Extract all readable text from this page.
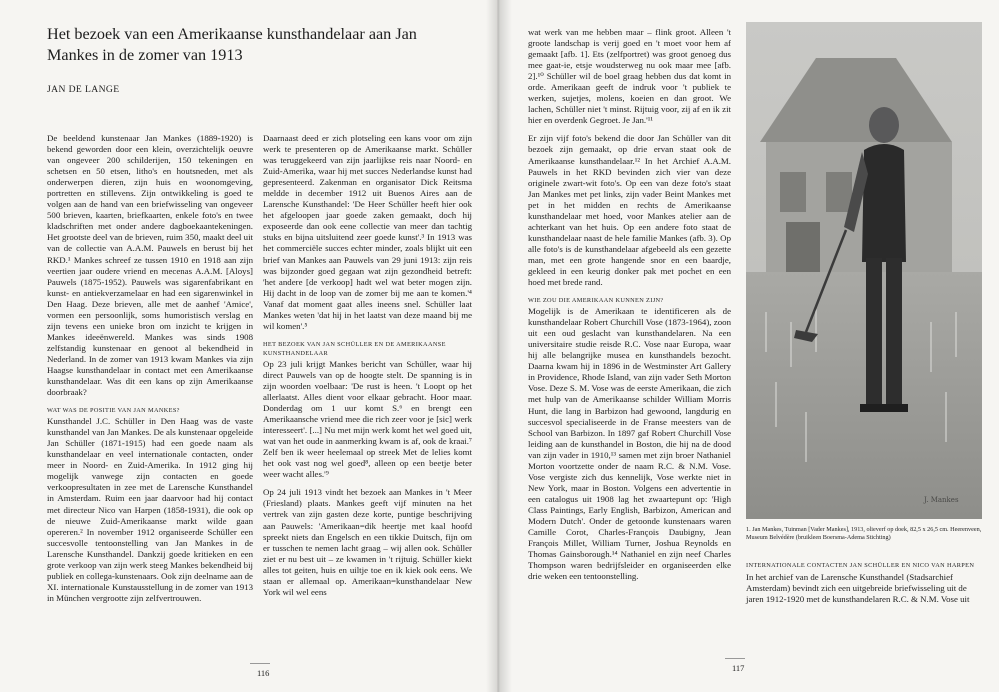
Het bezoek van een Amerikaanse kunsthandelaar aan Jan Mankes in de zomer van 1913
JAN DE LANGE

De beeldend kunstenaar Jan Mankes (1889-1920) is bekend geworden door een klein, overzichtelijk oeuvre van ongeveer 200 schilderijen, 150 tekeningen en schetsen en 50 etsen, litho's en houtsneden, met als onderwerpen dieren, zijn huis en woonomgeving, portretten en stillevens. Zijn ontwikkeling is goed te volgen aan de hand van een briefwisseling van ongeveer 500 brieven, kaarten, briefkaarten, enkele foto's en twee kladschriften met onder andere dagboekaantekeningen. Het grootste deel van de brieven, ruim 350, maakt deel uit van de collectie van A.A.M. Pauwels en berust bij het RKD.¹ Mankes schreef ze tussen 1910 en 1918 aan zijn veertien jaar oudere vriend en mecenas A.A.M. [Aloys] Pauwels (1875-1952). Pauwels was sigarenfabrikant en kunst- en antiekverzamelaar en had een sigarenwinkel in Den Haag. Deze brieven, alle met de aanhef 'Amice', vormen een persoonlijk, soms humoristisch verslag en zijn tevens een unieke bron om inzicht te krijgen in Mankes ideeënwereld. Mankes was sinds 1908 zelfstandig kunstenaar en genoot al bekendheid in Nederland. In de zomer van 1913 kwam Mankes via zijn Haagse kunsthandelaar in contact met een Amerikaanse kunsthandelaar. Was dit een kans op zijn Amerikaanse doorbraak?

WAT WAS DE POSITIE VAN JAN MANKES?

Kunsthandel J.C. Schüller in Den Haag was de vaste kunsthandel van Jan Mankes. De als kunstenaar opgeleide Jan Schüller (1871-1915) had een goede naam als kunsthandelaar en veel internationale contacten, onder meer in Noord- en Zuid-Amerika. In 1912 ging hij mogelijk vanwege zijn contacten en goede verkoopresultaten in zee met de Larensche Kunsthandel in Amsterdam. Ruim een jaar daarvoor had hij contact met directeur Nico van Harpen (1858-1931), die ook op de nieuwe Zuid-Amerikaanse markt wilde gaan opereren.² In november 1912 organiseerde Schüller een succesvolle tentoonstelling van Jan Mankes in de Larensche Kunsthandel. Dankzij goede kritieken en een grote verkoop van zijn werk steeg Mankes bekendheid bij publiek en collega-kunstenaars. Ook zijn deelname aan de XI. internationale Kunstausstellung in de zomer van 1913 in München vergrootte zijn zelfvertrouwen.

Daarnaast deed er zich plotseling een kans voor om zijn werk te presenteren op de Amerikaanse markt. Schüller was teruggekeerd van zijn jaarlijkse reis naar Noord- en Zuid-Amerika, waar hij met succes Nederlandse kunst had gepresenteerd. Zakenman en organisator Dick Reitsma meldde in december 1912 uit Buenos Aires aan de Larensche Kunsthandel: 'De Heer Schüller heeft hier ook het afgeloopen jaar goede zaken gemaakt, doch hij exposeerde dan ook eene collectie van meer dan tachtig stuks en bijna uitsluitend zeer goede kunst'.³ In 1913 was het commerciële succes echter minder, zoals blijkt uit een brief van Mankes aan Pauwels van 29 juni 1913: zijn reis was bijzonder goed gegaan wat zijn gezondheid betreft: 'het andere [de verkoop] hadt wel wat beter mogen zijn. Hij dacht in de loop van de zomer bij me aan te komen.'⁴ Vanaf dat moment gaat alles ineens snel. Schüller laat Mankes weten 'dat hij in het laatst van deze maand bij me wil komen'.⁵

HET BEZOEK VAN JAN SCHÜLLER EN DE AMERIKAANSE KUNSTHANDELAAR

Op 23 juli krijgt Mankes bericht van Schüller, waar hij direct Pauwels van op de hoogte stelt. De spanning is in zijn woorden voelbaar: 'De rust is heen. 't Loopt op het allerlaatst. Alles dient voor elkaar gebracht. Hoor maar. Donderdag om 1 uur komt S.⁶ en brengt een Amerikaansche vriend mee die rich zeer voor je [sic] werk interesseert'. [...] Nu met mijn werk komt het wel goed uit, wat van het oude in aanmerking kwam is af, ook de kraai.⁷ Zelf ben ik weer heelemaal op streek Met de lelies komt het ook vast nog wel goed⁸, alleen op een beetje beter weer wacht alles.'⁹

Op 24 juli 1913 vindt het bezoek aan Mankes in 't Meer (Friesland) plaats. Mankes geeft vijf minuten na het vertrek van zijn gasten deze korte, puntige beschrijving aan Pauwels: 'Amerikaan=dik heertje met kaal hoofd spreekt niets dan Engelsch en een tikkie Duitsch, fijn om er tusschen te nemen lacht graag – wij allen ook. Schüller ziet er nu best uit – ze kwamen in 't rijtuig. Schüller kiekt alles tot geiten, huis en uiltje toe en ik kiek ook eens. We staan er allemaal op. Amerikaan=kunsthandelaar New York wil wel eens

116

wat werk van me hebben maar – flink groot. Alleen 't groote landschap is verij goed en 't moet voor hem af gemaakt [afb. 1]. Ets (zelfportret) was groot genoeg dus mee gaat-ie, etsje woudsterweg nu ook maar mee [afb. 2].¹⁰ Schüller wil de boel graag hebben dus dat komt in orde. Amerikaan geeft de indruk voor 't publiek te werken, sujetjes, molens, koeien en dan groot. We lachen, Schüller niet 't minst. Rijtuig voor, zij af en ik zit hier en overdenk Gegroet. Je Jan.'¹¹

Er zijn vijf foto's bekend die door Jan Schüller van dit bezoek zijn gemaakt, op drie ervan staat ook de Amerikaanse kunsthandelaar.¹² In het Archief A.A.M. Pauwels in het RKD bevinden zich vier van deze originele zwart-wit foto's. Op een van deze foto's staat Jan Mankes met pet links, zijn vader Beint Mankes met pet in het midden en rechts de Amerikaanse kunsthandelaar met hoed, voor Mankes atelier aan de achterkant van het huis. Op een andere foto staat de kunsthandelaar naast de hele familie Mankes (afb. 3). Op alle foto's is de kunsthandelaar afgebeeld als een gezette man, met een grote hangende snor en een baardje, gekleed in een keurig donker pak met pochet en een hoed met brede rand.

WIE ZOU DIE AMERIKAAN KUNNEN ZIJN?

Mogelijk is de Amerikaan te identificeren als de kunsthandelaar Robert Churchill Vose (1873-1964), zoon uit een oud geslacht van kunsthandelaren. Na een universitaire studie reisde R.C. Vose naar Europa, waar hij alle belangrijke musea en kunsthandels bezocht. Daarna kwam hij in 1896 in de Westminster Art Gallery in Providence, Rhode Island, van zijn vader Seth Morton Vose. Deze S. M. Vose was de eerste Amerikaan, die zich met hulp van de Amerikaanse schilder William Morris Hunt, die lang in Barbizon had gewoond, langdurig en succesvol specialiseerde in de Franse meesters van de School van Barbizon. In 1897 gaf Robert Churchill Vose leiding aan de kunsthandel in Boston, die hij na de dood van zijn vader in 1910,¹³ samen met zijn broer Nathaniel Morton voortzette onder de naam R.C. & N.M. Vose. Vose vergiste zich dus kennelijk, Vose werkte niet in New York, maar in Boston. Volgens een advertentie in een catalogus uit 1908 lag het zwaartepunt op: 'High Class Paintings, Early English, Barbizon, American and Modern Dutch'. Onder de getoonde kunstenaars waren Camille Corot, Charles-François Daubigny, Jean François Millet, William Turner, Joshua Reynolds en Thomas Gainsborough.¹⁴ Nathaniel en zijn neef Charles Thompson waren bedrijfsleider en organiseerden elke drie weken een tentoonstelling.

J. Mankes
1. Jan Mankes, Tuinman [Vader Mankes], 1913, olieverf op doek, 82,5 x 26,5 cm. Heerenveen, Museum Belvédère (bruikleen Boersma-Adema Stichting)
INTERNATIONALE CONTACTEN JAN SCHÜLLER EN NICO VAN HARPEN

In het archief van de Larensche Kunsthandel (Stadsarchief Amsterdam) bevindt zich een uitgebreide briefwisseling uit de jaren 1912-1920 met de kunsthandelaren R.C. & N.M. Vose uit

117
